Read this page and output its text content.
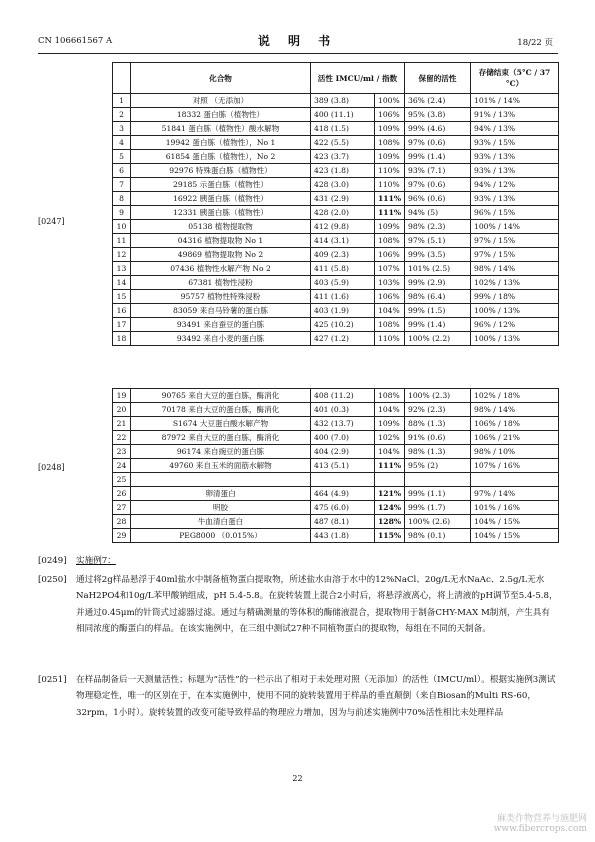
CN 106661567 A	说 明 书	18/22 页
[0247]
	化合物	活性 IMCU/ml / 指数		保留的活性	存储结束（5°C / 37 °C）
1	对照 （无添加）	389 (3.8)	100%	36% (2.4)	101% / 14%
2	18332 蛋白胨（植物性）	400 (11.1)	106%	95% (3.8)	91% / 13%
3	51841 蛋白胨（植物性）酸水解物	418 (1.5)	109%	99% (4.6)	94% / 13%
4	19942 蛋白胨（植物性），No 1	422 (5.5)	108%	97% (0.6)	93% / 15%
5	61854 蛋白胨（植物性），No 2	423 (3.7)	109%	99% (1.4)	93% / 13%
6	92976 特殊蛋白胨（植物性）	423 (1.8)	110%	93% (7.1)	93% / 13%
7	29185 示蛋白胨（植物性）	428 (3.0)	110%	97% (0.6)	94% / 12%
8	16922 胰蛋白胨（植物性）	431 (2.9)	111%	96% (0.6)	93% / 13%
9	12331 胰蛋白胨（植物性）	428 (2.0)	111%	94% (5)	96% / 15%
10	05138 植物提取物	412 (9.8)	109%	98% (2.3)	100% / 14%
11	04316 植物提取物 No 1	414 (3.1)	108%	97% (5.1)	97% / 15%
12	49869 植物提取物 No 2	409 (2.3)	106%	99% (3.5)	97% / 15%
13	07436 植物性水解产物 No 2	411 (5.8)	107%	101% (2.5)	98% / 14%
14	67381 植物性浸粉	403 (5.9)	103%	99% (2.9)	102% / 13%
15	95757 植物性特殊浸粉	411 (1.6)	106%	98% (6.4)	99% / 18%
16	83059 来自马铃薯的蛋白胨	403 (1.9)	104%	99% (1.5)	100% / 13%
17	93491 来自蚕豆的蛋白胨	425 (10.2)	108%	99% (1.4)	96% / 12%
18	93492 来自小麦的蛋白胨	427 (1.2)	110%	100% (2.2)	100% / 13%
[0248]
19	90765 来自大豆的蛋白胨，酶消化	408 (11.2)	108%	100% (2.3)	102% / 18%
20	70178 来自大豆的蛋白胨，酶消化	401 (0.3)	104%	92% (2.3)	98% / 14%
21	S1674 大豆蛋白酸水解产物	432 (13.7)	109%	88% (1.3)	106% / 18%
22	87972 来自大豆的蛋白胨，酶消化	400 (7.0)	102%	91% (0.6)	106% / 21%
23	96174 来自豌豆的蛋白胨	404 (2.9)	104%	98% (1.3)	98% / 10%
24	49760 来自玉米的面筋水解物	413 (5.1)	111%	95% (2)	107% / 16%
25					
26	卵清蛋白	464 (4.9)	121%	99% (1.1)	97% / 14%
27	明胶	475 (6.0)	124%	99% (1.7)	101% / 16%
28	牛血清白蛋白	487 (8.1)	128%	100% (2.6)	104% / 15%
29	PEG8000 （0.015%）	443 (1.8)	115%	98% (0.1)	104% / 15%
[0249] 实施例7：
[0250] 通过将2g样品悬浮于40ml盐水中制备植物蛋白提取物，所述盐水由溶于水中的12%NaCl、20g/L无水NaAc、2.5g/L无水NaH2PO4和10g/L苯甲酸钠组成，pH 5.4-5.8。在旋转装置上混合2小时后，将悬浮液离心，将上清液的pH调节至5.4-5.8，并通过0.45μm的针筒式过滤器过滤。通过与精确测量的等体积的酶储液混合，提取物用于制备CHY-MAX M制剂，产生具有相同浓度的酶蛋白的样品。在该实施例中，在三组中测试27种不同植物蛋白的提取物，每组在不同的天制备。
[0251] 在样品制备后一天测量活性；标题为“活性”的一栏示出了相对于未处理对照（无添加）的活性（IMCU/ml）。根据实施例3测试物理稳定性，唯一的区别在于，在本实施例中，使用不同的旋转装置用于样品的垂直颠倒（来自Biosan的Multi RS-60，32rpm，1小时）。旋转装置的改变可能导致样品的物理应力增加，因为与前述实施例中70%活性相比未处理样品
22
麻类作物营养与施肥网
www.fibercrops.com
